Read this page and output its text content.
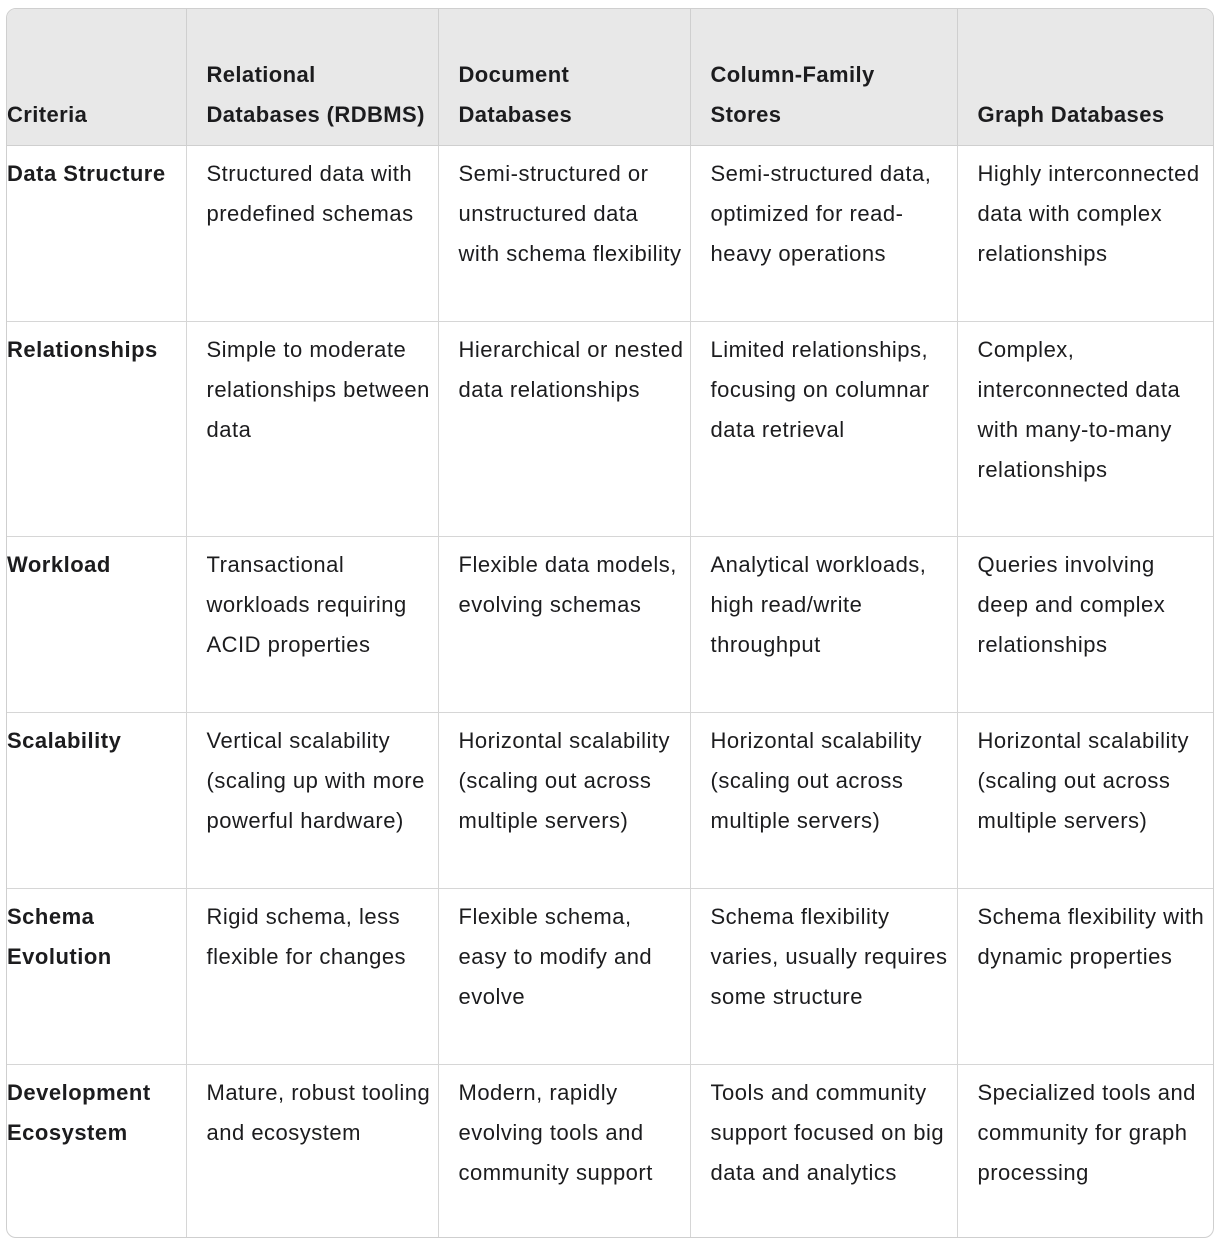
Criteria	Relational Databases (RDBMS)	Document Databases	Column-Family Stores	Graph Databases
Data Structure	Structured data with predefined schemas	Semi-structured or unstructured data with schema flexibility	Semi-structured data, optimized for read-heavy operations	Highly interconnected data with complex relationships
Relationships	Simple to moderate relationships between data	Hierarchical or nested data relationships	Limited relationships, focusing on columnar data retrieval	Complex, interconnected data with many-to-many relationships
Workload	Transactional workloads requiring ACID properties	Flexible data models, evolving schemas	Analytical workloads, high read/write throughput	Queries involving deep and complex relationships
Scalability	Vertical scalability (scaling up with more powerful hardware)	Horizontal scalability (scaling out across multiple servers)	Horizontal scalability (scaling out across multiple servers)	Horizontal scalability (scaling out across multiple servers)
Schema Evolution	Rigid schema, less flexible for changes	Flexible schema, easy to modify and evolve	Schema flexibility varies, usually requires some structure	Schema flexibility with dynamic properties
Development Ecosystem	Mature, robust tooling and ecosystem	Modern, rapidly evolving tools and community support	Tools and community support focused on big data and analytics	Specialized tools and community for graph processing
